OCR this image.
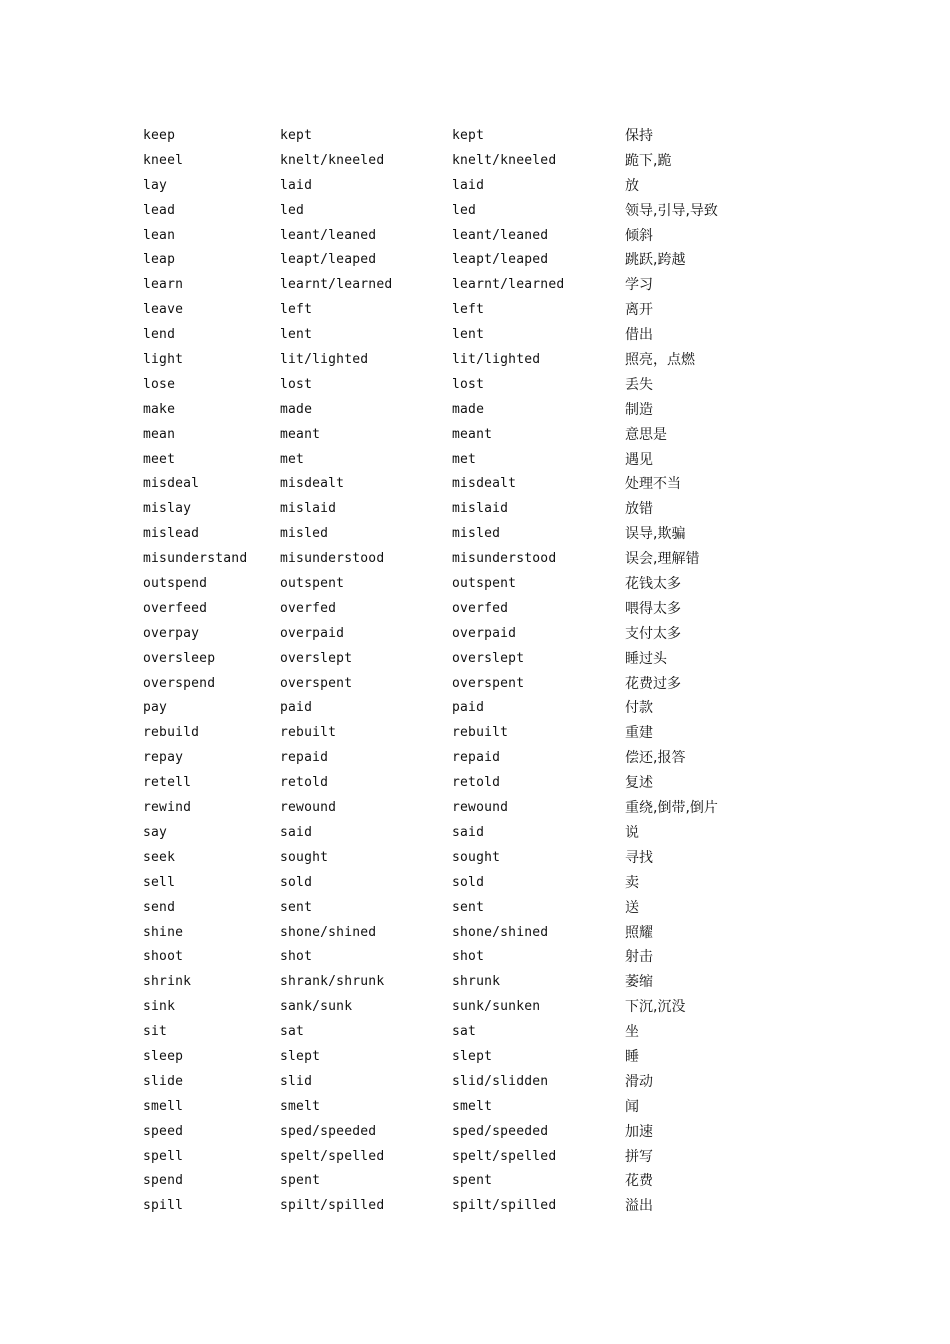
keep	kept	kept	保持
kneel	knelt/kneeled	knelt/kneeled	跪下,跪
lay	laid	laid	放
lead	led	led	领导,引导,导致
lean	leant/leaned	leant/leaned	倾斜
leap	leapt/leaped	leapt/leaped	跳跃,跨越
learn	learnt/learned	learnt/learned	学习
leave	left	left	离开
lend	lent	lent	借出
light	lit/lighted	lit/lighted	照亮，点燃
lose	lost	lost	丢失
make	made	made	制造
mean	meant	meant	意思是
meet	met	met	遇见
misdeal	misdealt	misdealt	处理不当
mislay	mislaid	mislaid	放错
mislead	misled	misled	误导,欺骗
misunderstand	misunderstood	misunderstood	误会,理解错
outspend	outspent	outspent	花钱太多
overfeed	overfed	overfed	喂得太多
overpay	overpaid	overpaid	支付太多
oversleep	overslept	overslept	睡过头
overspend	overspent	overspent	花费过多
pay	paid	paid	付款
rebuild	rebuilt	rebuilt	重建
repay	repaid	repaid	偿还,报答
retell	retold	retold	复述
rewind	rewound	rewound	重绕,倒带,倒片
say	said	said	说
seek	sought	sought	寻找
sell	sold	sold	卖
send	sent	sent	送
shine	shone/shined	shone/shined	照耀
shoot	shot	shot	射击
shrink	shrank/shrunk	shrunk	萎缩
sink	sank/sunk	sunk/sunken	下沉,沉没
sit	sat	sat	坐
sleep	slept	slept	睡
slide	slid	slid/slidden	滑动
smell	smelt	smelt	闻
speed	sped/speeded	sped/speeded	加速
spell	spelt/spelled	spelt/spelled	拼写
spend	spent	spent	花费
spill	spilt/spilled	spilt/spilled	溢出
